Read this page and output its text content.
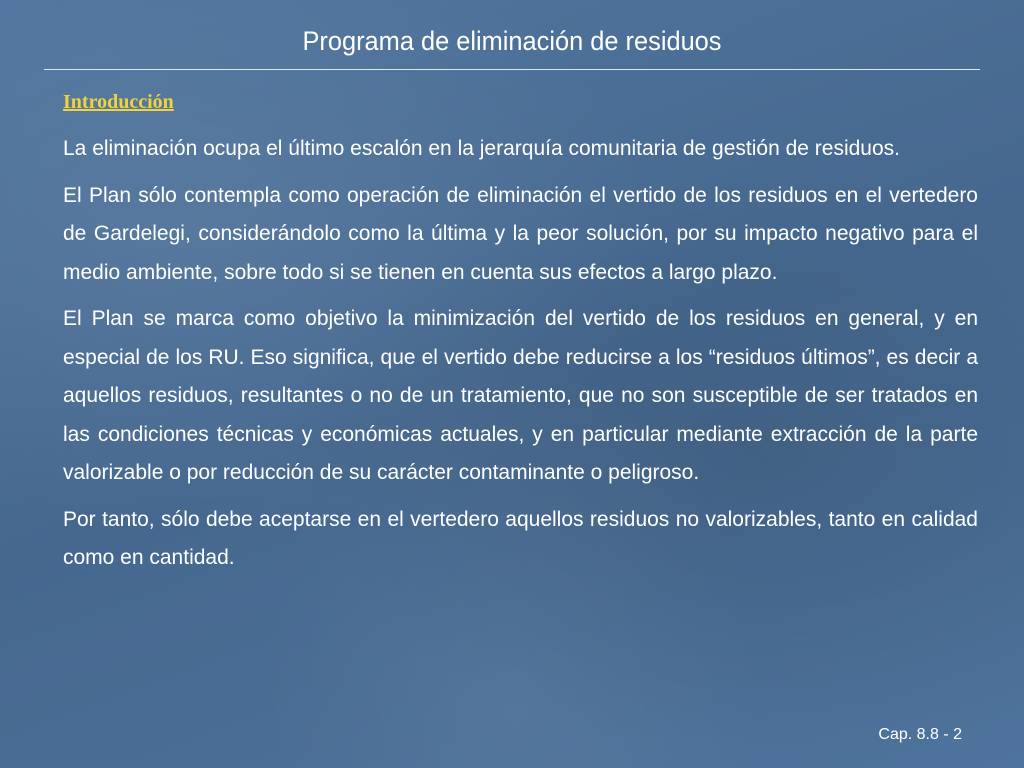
Programa de eliminación de residuos
Introducción

La eliminación ocupa el último escalón en la jerarquía comunitaria de gestión de residuos.

El Plan sólo contempla como operación de eliminación el vertido de los residuos en el vertedero de Gardelegi, considerándolo como la última y la peor solución, por su impacto negativo para el medio ambiente, sobre todo si se tienen en cuenta sus efectos a largo plazo.

El Plan se marca como objetivo la minimización del vertido de los residuos en general, y en especial de los RU. Eso significa, que el vertido debe reducirse a los “residuos últimos”, es decir a aquellos residuos, resultantes o no de un tratamiento, que no son susceptible de ser tratados en las condiciones técnicas y económicas actuales, y en particular mediante extracción de la parte valorizable o por reducción de su carácter contaminante o peligroso.

Por tanto, sólo debe aceptarse en el vertedero aquellos residuos no valorizables, tanto en calidad como en cantidad.

Cap. 8.8 - 2
